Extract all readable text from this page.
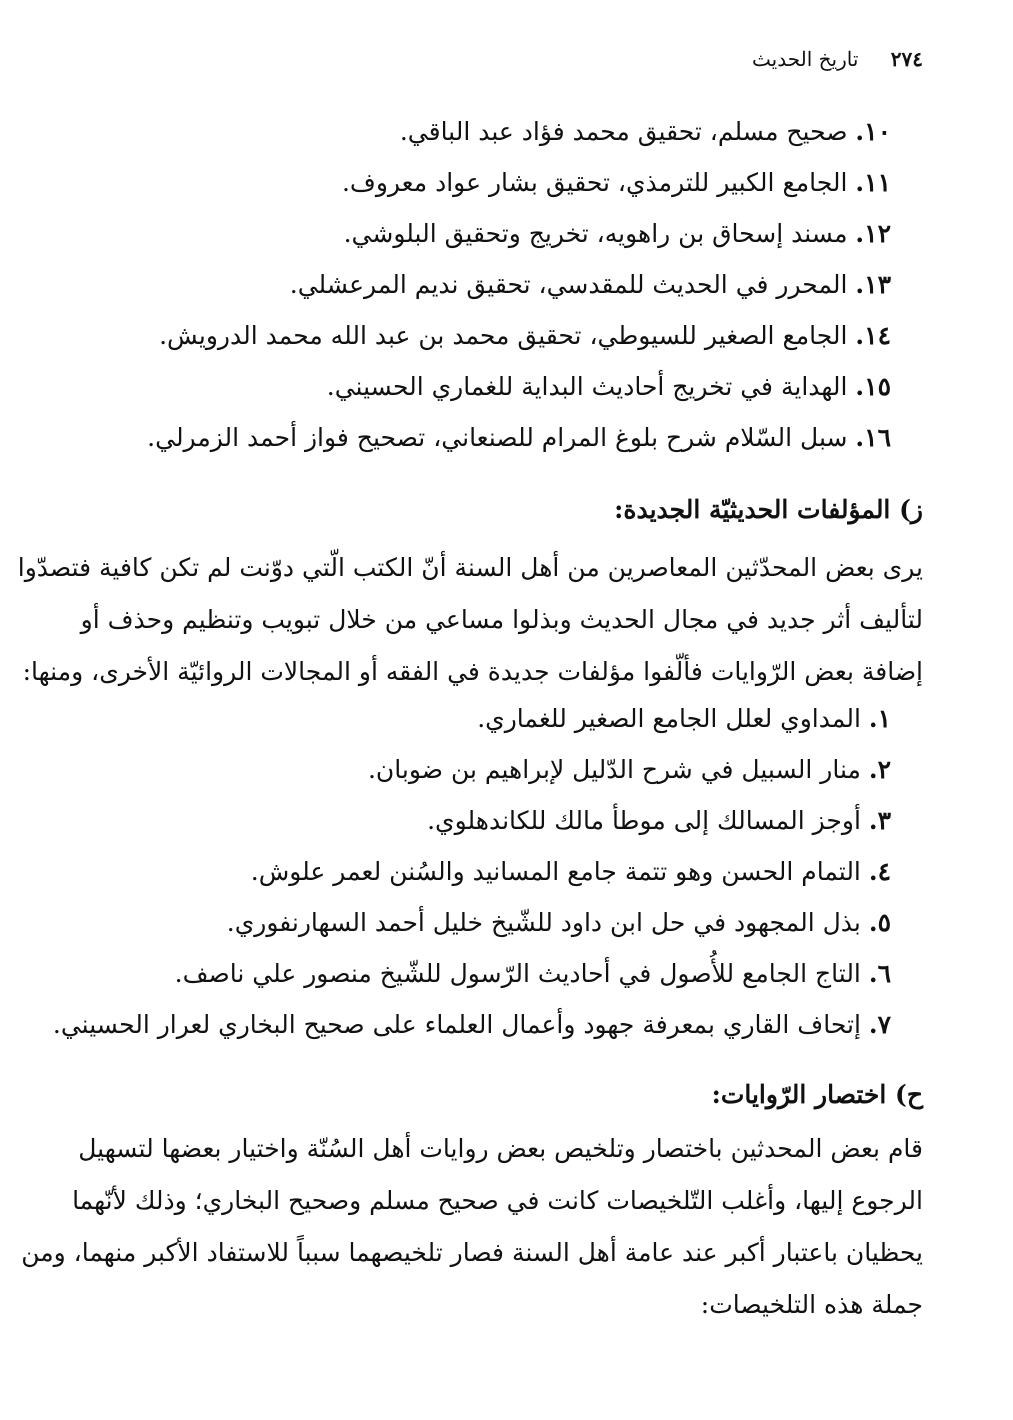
٢٧٤ تاريخ الحديث
١٠. صحيح مسلم، تحقيق محمد فؤاد عبد الباقي.
١١. الجامع الكبير للترمذي، تحقيق بشار عواد معروف.
١٢. مسند إسحاق بن راهويه، تخريج وتحقيق البلوشي.
١٣. المحرر في الحديث للمقدسي، تحقيق نديم المرعشلي.
١٤. الجامع الصغير للسيوطي، تحقيق محمد بن عبد الله محمد الدرويش.
١٥. الهداية في تخريج أحاديث البداية للغماري الحسيني.
١٦. سبل السّلام شرح بلوغ المرام للصنعاني، تصحيح فواز أحمد الزمرلي.
ز) المؤلفات الحديثيّة الجديدة:

يرى بعض المحدّثين المعاصرين من أهل السنة أنّ الكتب الّتي دوّنت لم تكن كافية فتصدّوا
لتأليف أثر جديد في مجال الحديث وبذلوا مساعي من خلال تبويب وتنظيم وحذف أو
إضافة بعض الرّوايات فألّفوا مؤلفات جديدة في الفقه أو المجالات الروائيّة الأخرى، ومنها:

١. المداوي لعلل الجامع الصغير للغماري.
٢. منار السبيل في شرح الدّليل لإبراهيم بن ضوبان.
٣. أوجز المسالك إلى موطأ مالك للكاندهلوي.
٤. التمام الحسن وهو تتمة جامع المسانيد والسُنن لعمر علوش.
٥. بذل المجهود في حل ابن داود للشّيخ خليل أحمد السهارنفوري.
٦. التاج الجامع للأُصول في أحاديث الرّسول للشّيخ منصور علي ناصف.
٧. إتحاف القاري بمعرفة جهود وأعمال العلماء على صحيح البخاري لعرار الحسيني.
ح) اختصار الرّوايات:

قام بعض المحدثين باختصار وتلخيص بعض روايات أهل السُنّة واختيار بعضها لتسهيل
الرجوع إليها، وأغلب التّلخيصات كانت في صحيح مسلم وصحيح البخاري؛ وذلك لأنّهما
يحظيان باعتبار أكبر عند عامة أهل السنة فصار تلخيصهما سبباً للاستفاد الأكبر منهما، ومن
جملة هذه التلخيصات:
